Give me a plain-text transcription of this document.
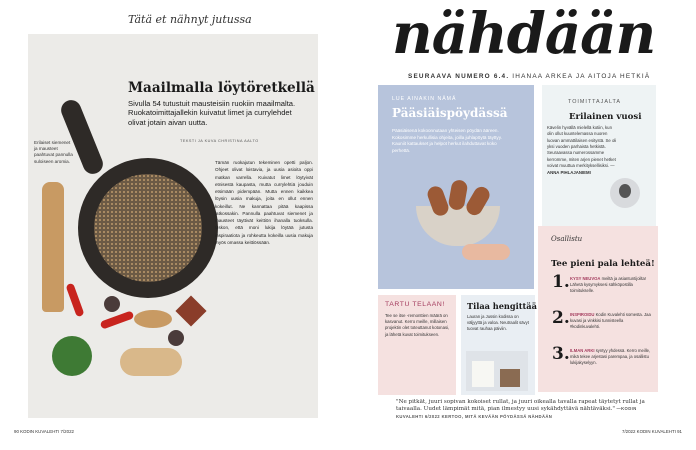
Tätä et nähnyt jutussa
Erilaiset siemenet ja mausteet paahtuvat pannulla suloiseen aromia.
Maailmalla löytöretkellä
Sivulla 54 tutustuit mausteisiin ruokiin maailmalta. Ruokatoimittajallekin kuivatut limet ja currylehdet olivat jotain aivan uutta.
TEKSTI JA KUVA CHRISTINA AALTO
Tämän ruokajutun tekeminen opetti paljon. Ohjeet olivat loistavia, ja uusia asioita oppi matkan varrella. Kuivatut limet löytyivät etnisestä kaupasta, mutta currylehtiä jouduin etsimään pidempään. Mutta ennen kaikkea löysin uusia makuja, joita en ollut ennen kokeillut. Ne kannattaa pitää kaapissa jatkossakin. Pannulla paahtuvat siemenet ja mausteet täyttivät keittiön ihanalla tuoksulla. Uskon, että moni lukija löytää jutusta inspiraatiota ja rohkeutta kokeilla uusia makuja myös omassa keittiössään.
90 KODIN KUVALEHTI 7/2022
nähdään
SEURAAVA NUMERO 6.4. IHANAA ARKEA JA AITOJA HETKIÄ
LUE AINAKIN NÄMÄ
Pääsiäispöydässä
Pääsiäisenä kokoonnutaan yhteisen pöydän ääreen. Kokosimme herkullisia ohjeita, joilla juhlapöytä täyttyy. Kauniit kattaukset ja helpot herkut ilahduttavat koko perhettä.
TOIMITTAJALTA
Erilainen vuosi
Kävelin hyvällä mielellä kotiin, kun olin ollut kuuntelemassa nuoren luovan ammattilaisen esitystä. Se oli yksi vuoden parhaista hetkistä. Seuraavassa numerossamme kerromme, miten arjen pienet hetket voivat muuttua merkityksellisiksi. — ANNA PIHLAJANIEMI
Osallistu
Tee pieni pala lehteä!
1. KYSY NEUVOA meiltä ja asiantuntijoilta! Lähetä kysymyksesi sähköpostilla toimitukselle.
2. INSPIROIDU Kodin Kuvalehti somesta. Jaa kuvasi ja vinkkisi tunnisteella #kodinkuvalehti.
3. ILMAN ARKI syntyy yhdessä. Kerro meille, mikä tekee arjestasi parempaa, ja osallistu lukijakyselyyn.
TARTU TELAAN!
Tee se itse -remonttien määrä on kasvanut. Kerro meille, millaisen projektin olet toteuttanut kotonasi, ja lähetä kuvat toimitukseen.
Tilaa hengittää
Lauran ja Jussin kodissa on väljyyttä ja valoa. Neutraalit sävyt tuovat rauhaa päiviin.
"Ne pitkät, juuri sopivan kokoiset rullat, ja juuri oikealla tavalla rapeat täytetyt rullat ja taivaalla. Uudet lämpimät mitä, pian ilmestyy uusi sykähdyttävä nähtäväksi." —KODIN KUVALEHTI 6/2022 KERTOO, MITÄ KEVÄÄN PÖYDÄSSÄ NÄHDÄÄN
7/2022 KODIN KUVALEHTI 91
